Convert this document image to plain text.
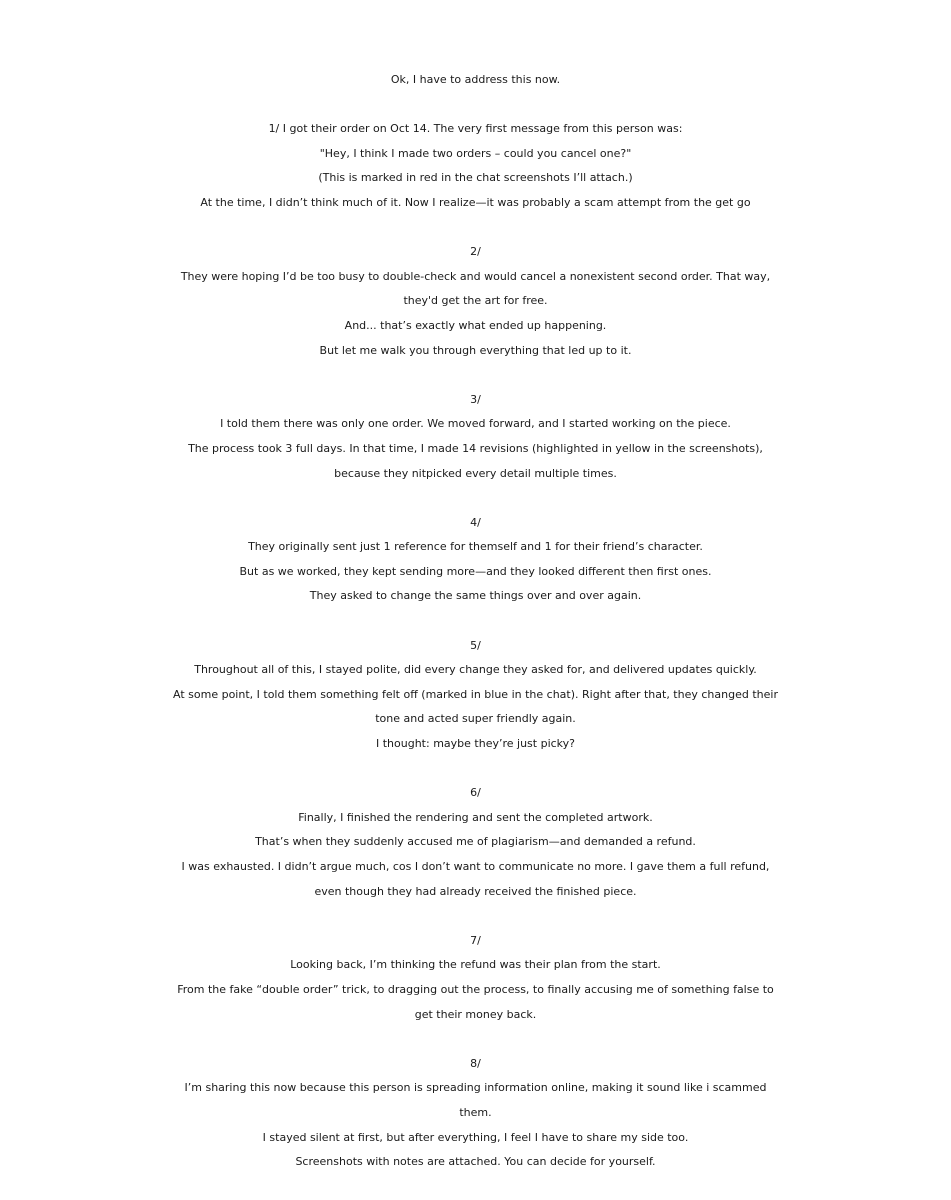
Ok, I have to address this now.
1/ I got their order on Oct 14. The very first message from this person was:
"Hey, I think I made two orders – could you cancel one?"
(This is marked in red in the chat screenshots I’ll attach.)
At the time, I didn’t think much of it. Now I realize—it was probably a scam attempt from the get go
2/
They were hoping I’d be too busy to double-check and would cancel a nonexistent second order. That way,
they'd get the art for free.
And... that’s exactly what ended up happening.
But let me walk you through everything that led up to it.
3/
I told them there was only one order. We moved forward, and I started working on the piece.
The process took 3 full days. In that time, I made 14 revisions (highlighted in yellow in the screenshots),
because they nitpicked every detail multiple times.
4/
They originally sent just 1 reference for themself and 1 for their friend’s character.
But as we worked, they kept sending more—and they looked different then first ones.
They asked to change the same things over and over again.
5/
Throughout all of this, I stayed polite, did every change they asked for, and delivered updates quickly.
At some point, I told them something felt off (marked in blue in the chat). Right after that, they changed their
tone and acted super friendly again.
I thought: maybe they’re just picky?
6/
Finally, I finished the rendering and sent the completed artwork.
That’s when they suddenly accused me of plagiarism—and demanded a refund.
I was exhausted. I didn’t argue much, cos I don’t want to communicate no more. I gave them a full refund,
even though they had already received the finished piece.
7/
Looking back, I’m thinking the refund was their plan from the start.
From the fake “double order” trick, to dragging out the process, to finally accusing me of something false to
get their money back.
8/
I’m sharing this now because this person is spreading information online, making it sound like i scammed
them.
I stayed silent at first, but after everything, I feel I have to share my side too.
Screenshots with notes are attached. You can decide for yourself.
